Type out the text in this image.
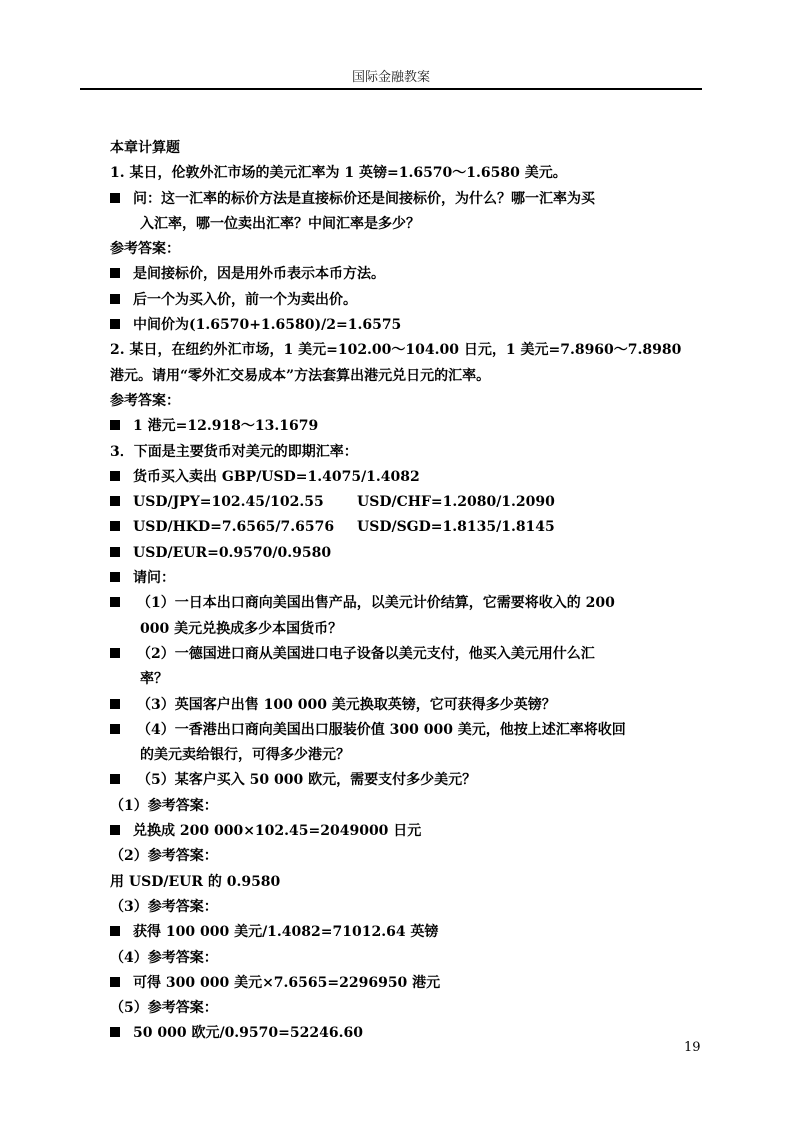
国际金融教案
本章计算题
1. 某日，伦敦外汇市场的美元汇率为 1 英镑=1.6570～1.6580 美元。
问：这一汇率的标价方法是直接标价还是间接标价，为什么？哪一汇率为买
入汇率，哪一位卖出汇率？中间汇率是多少？
参考答案：
是间接标价，因是用外币表示本币方法。
后一个为买入价，前一个为卖出价。
中间价为(1.6570+1.6580)/2=1.6575
2. 某日，在纽约外汇市场，1 美元=102.00～104.00 日元，1 美元=7.8960～7.8980
港元。请用“零外汇交易成本”方法套算出港元兑日元的汇率。
参考答案：
1 港元=12.918～13.1679
3．下面是主要货币对美元的即期汇率：
货币买入卖出 GBP/USD=1.4075/1.4082
USD/JPY=102.45/102.55 USD/CHF=1.2080/1.2090
USD/HKD=7.6565/7.6576 USD/SGD=1.8135/1.8145
USD/EUR=0.9570/0.9580
请问：
（1）一日本出口商向美国出售产品，以美元计价结算，它需要将收入的 200
000 美元兑换成多少本国货币？
（2）一德国进口商从美国进口电子设备以美元支付，他买入美元用什么汇
率？
（3）英国客户出售 100 000 美元换取英镑，它可获得多少英镑？
（4）一香港出口商向美国出口服装价值 300 000 美元，他按上述汇率将收回
的美元卖给银行，可得多少港元？
（5）某客户买入 50 000 欧元，需要支付多少美元？
（1）参考答案：
兑换成 200 000×102.45=2049000 日元
（2）参考答案：
用 USD/EUR 的 0.9580
（3）参考答案：
获得 100 000 美元/1.4082=71012.64 英镑
（4）参考答案：
可得 300 000 美元×7.6565=2296950 港元
（5）参考答案：
50 000 欧元/0.9570=52246.60
19
